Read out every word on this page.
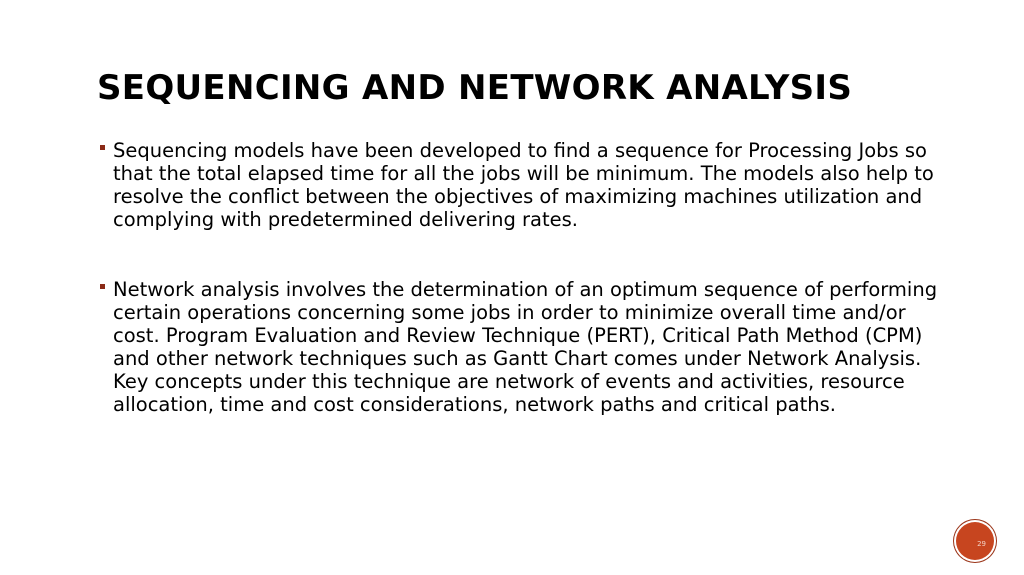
SEQUENCING AND NETWORK ANALYSIS
Sequencing models have been developed to find a sequence for Processing Jobs so that the total elapsed time for all the jobs will be minimum. The models also help to resolve the conflict between the objectives of maximizing machines utilization and complying with predetermined delivering rates.
Network analysis involves the determination of an optimum sequence of performing certain operations concerning some jobs in order to minimize overall time and/or cost. Program Evaluation and Review Technique (PERT), Critical Path Method (CPM) and other network techniques such as Gantt Chart comes under Network Analysis. Key concepts under this technique are network of events and activities, resource allocation, time and cost considerations, network paths and critical paths.
29
